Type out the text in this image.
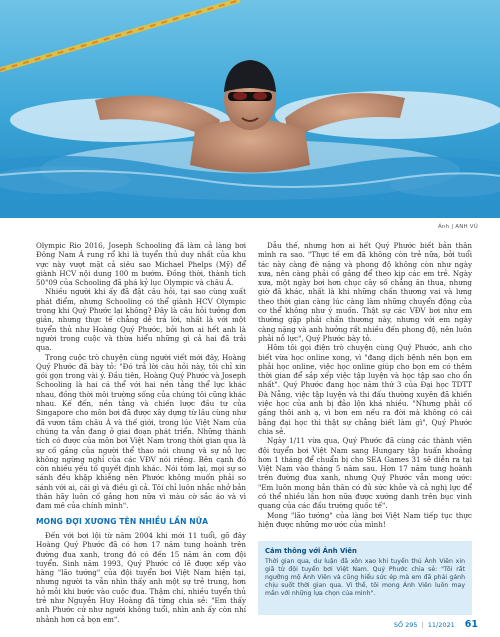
Ảnh | ANH VŨ

Olympic Rio 2016, Joseph Schooling đã làm cả làng bơi Đông Nam Á rung rổ khi là tuyển thủ duy nhất của khu vực này vượt mặt cả siêu sao Michael Phelps (Mỹ) để giành HCV nội dung 100 m bướm. Đồng thời, thành tích 50"09 của Schooling đã phá kỷ lục Olympic và châu Á.

Nhiều người khi ấy đã đặt câu hỏi, tại sao cùng xuất phát điểm, nhưng Schooling có thể giành HCV Olympic trong khi Quý Phước lại không? Đây là câu hỏi tưởng đơn giản, nhưng thực tế chẳng dễ trả lời, nhất là với một tuyển thủ như Hoàng Quý Phước, bởi hơn ai hết anh là người trong cuộc và thừa hiểu những gì cả hai đã trải qua.

Trong cuộc trò chuyện cùng người viết mới đây, Hoàng Quý Phước đã bày tỏ: "Đó trả lời câu hỏi này, tôi chỉ xin gói gọn trong vài ý. Đầu tiên, Hoàng Quý Phước và Joseph Schooling là hai cá thể với hai nền tảng thể lực khác nhau, đồng thời môi trường sống của chúng tôi cũng khác nhau. Kế đến, nền tảng và chiến lược đầu tư của Singapore cho môn bơi đã được xây dựng từ lâu cùng như đã vươn tầm châu Á và thế giới, trong lúc Việt Nam của chúng ta vẫn đang ở giai đoạn phát triển. Những thành tích có được của môn bơi Việt Nam trong thời gian qua là sự cố gắng của người thể thao nói chung và sự nỗ lực không ngừng nghỉ của các VĐV nói riêng. Bên cạnh đó còn nhiều yếu tố quyết định khác. Nói tóm lại, mọi sự so sánh đều khập khiễng nên Phước không muốn phải so sánh với ai, cái gì và điều gì cả. Tôi chỉ luôn nhắc nhở bản thân hãy luôn cố gắng hơn nữa vì màu cờ sắc áo và vì đam mê của chính mình".

MONG ĐỢI XƯƠNG TÊN NHIỀU LẦN NỮA

Đến với bơi lội từ năm 2004 khi mới 11 tuổi, gõ đây Hoàng Quý Phước đã có hơn 17 năm tung hoành trên đường đua xanh, trong đó có đến 15 năm ăn cơm đội tuyển. Sinh năm 1993, Quý Phước có lẽ được xếp vào hàng "lão tướng" của đội tuyển bơi Việt Nam hiện tại, nhưng người ta vẫn nhìn thấy anh một sự trẻ trung, hơn hở mỗi khi bước vào cuộc đua. Thậm chí, nhiều tuyển thủ trẻ như Nguyễn Huy Hoàng đã từng chia sẻ: "Em thấy anh Phước cứ như người không tuổi, nhìn anh ấy còn nhí nhảnh hơn cả bọn em".

Dẫu thế, nhưng hơn ai hết Quý Phước biết bản thân mình ra sao. "Thực tế em đã không còn trẻ nữa, bởi tuổi tác này càng đè nặng và phong độ không còn như ngày xưa, nên càng phải cố gắng để theo kịp các em trẻ. Ngày xưa, một ngày bơi hơn chục cây số chẳng ăn thua, nhưng giờ đã khác, nhất là khi những chấn thương vai và lưng theo thời gian càng lúc càng làm những chuyển động của cơ thể không như ý muốn. Thật sự các VĐV bơi như em thường gặp phải chấn thương này, nhưng với em ngày càng nặng và anh hưởng rất nhiều đến phong độ, nên luôn phải nỗ lực", Quý Phước bày tỏ.

Hôm tôi gọi điện trò chuyện cùng Quý Phước, anh cho biết vừa học online xong, vì "đang dịch bệnh nên bọn em phải học online, việc học online giúp cho bọn em có thêm thời gian để sắp xếp việc tập luyện và học tập sao cho ổn nhất". Quý Phước đang học năm thứ 3 của Đại học TDTT Đà Nẵng, việc tập luyện và thi đấu thường xuyên đã khiến việc học của anh bị đảo lộn khá nhiều. "Nhưng phải cố gắng thôi anh ạ, vì bơn em nếu ra đời mà không có cái bằng đại học thì thật sự chẳng biết làm gì", Quý Phước chia sẻ.

Ngày 1/11 vừa qua, Quý Phước đã cùng các thành viên đội tuyển bơi Việt Nam sang Hungary tập huấn khoảng hơn 1 tháng để chuẩn bị cho SEA Games 31 sẽ diễn ra tại Việt Nam vào tháng 5 năm sau. Hơn 17 năm tung hoành trên đường đua xanh, nhưng Quý Phước vẫn mong ước: "Em luôn mong bản thân có đủ sức khỏe và cả nghị lực để có thể nhiều lần hơn nữa được xướng danh trên bục vinh quang của các đấu trường quốc tế".

Mong "lão tướng" của làng bơi Việt Nam tiếp tục thực hiện được những mơ ước của mình!

Cảm thông với Ánh Viên
Thời gian qua, dư luận đã xôn xao khi tuyển thủ Ánh Viên xin giã từ đội tuyển bơi Việt Nam. Quý Phước chia sẻ: "Tôi rất ngưỡng mộ Ánh Viên và cũng hiểu sức ép mà em đã phải gánh chịu suốt thời gian qua. Vì thế, tôi mong Ánh Viên luôn may mắn với những lựa chọn của mình".
SỐ 295 | 11/2021 61
